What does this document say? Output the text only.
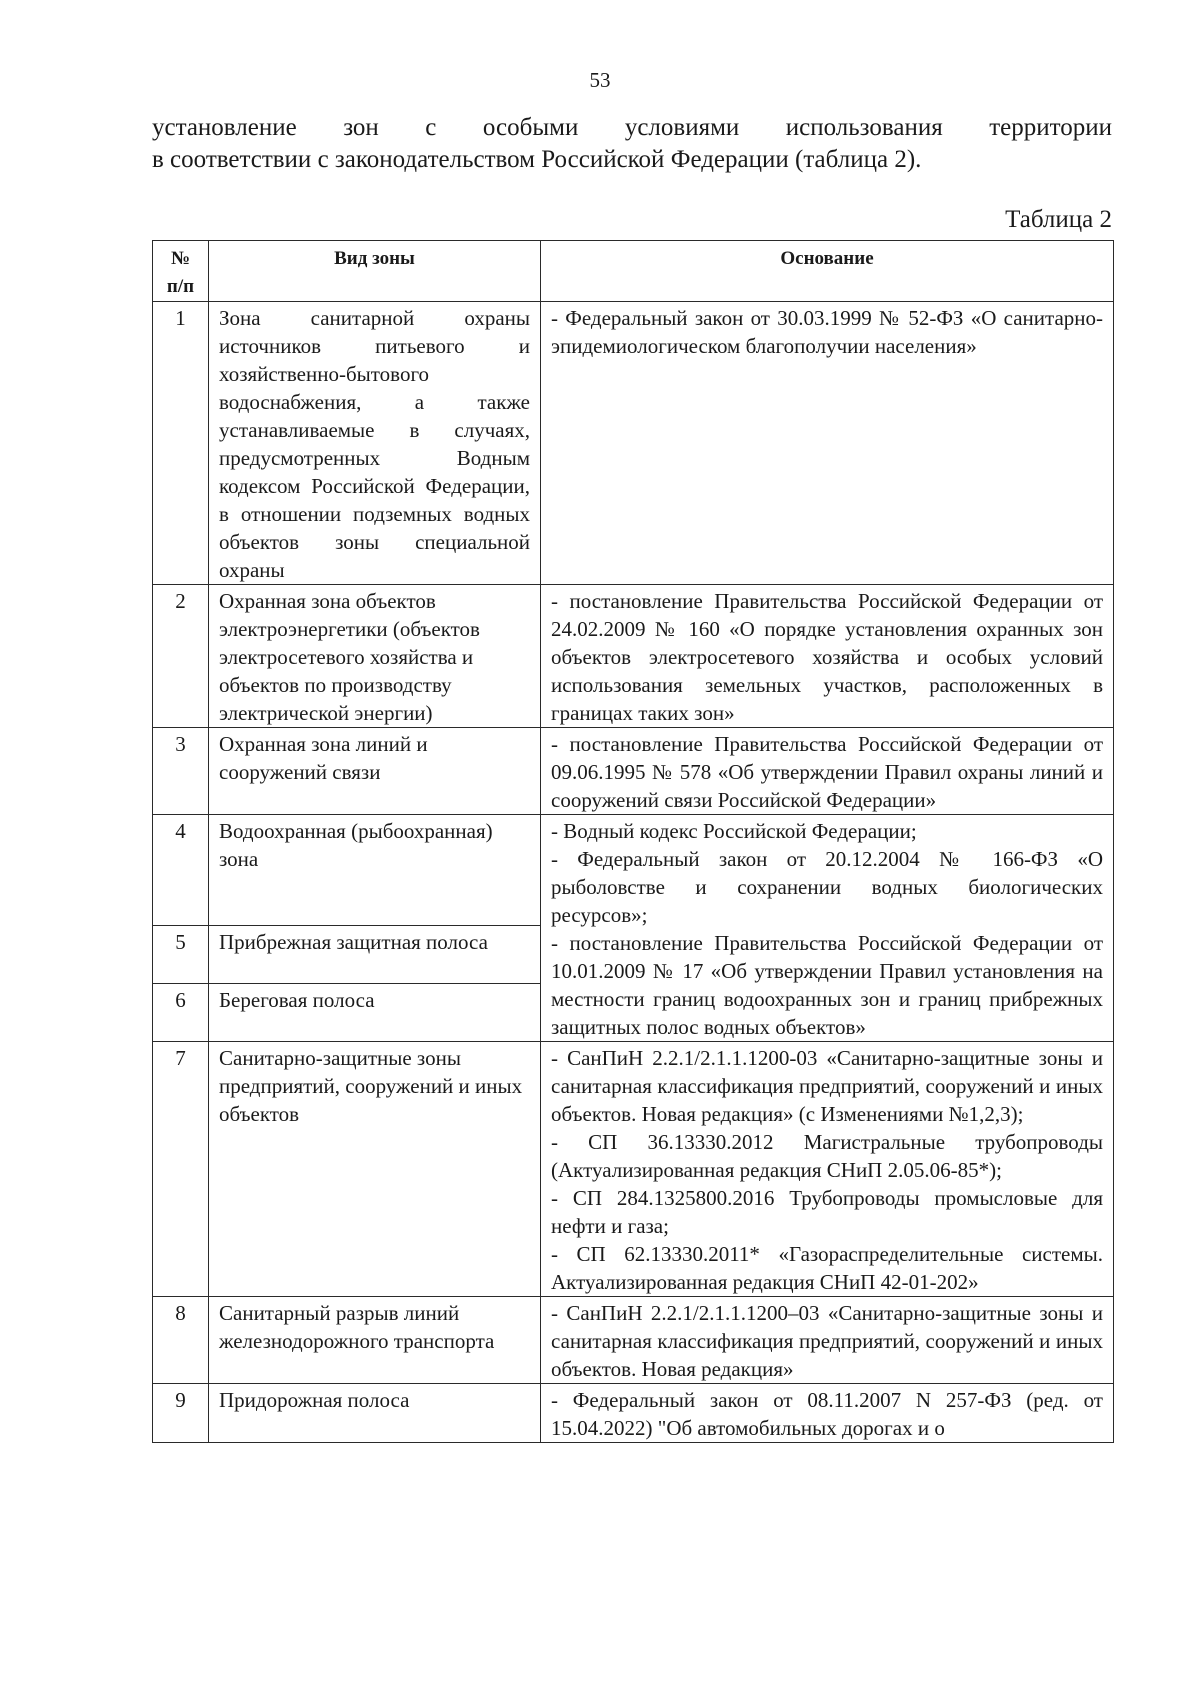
53

установление зон с особыми условиями использования территории

в соответствии с законодательством Российской Федерации (таблица 2).

Таблица 2
№ п/п	Вид зоны	Основание
1	Зона санитарной охраны источников питьевого и хозяйственно-бытового водоснабжения, а также устанавливаемые в случаях, предусмотренных Водным кодексом Российской Федерации, в отношении подземных водных объектов зоны специальной охраны	- Федеральный закон от 30.03.1999 № 52-ФЗ «О санитарно-эпидемиологическом благополучии населения»

2	Охранная зона объектов электроэнергетики (объектов электросетевого хозяйства и объектов по производству электрической энергии)	- постановление Правительства Российской Федерации от 24.02.2009 № 160 «О порядке установления охранных зон объектов электросетевого хозяйства и особых условий использования земельных участков, расположенных в границах таких зон»

3	Охранная зона линий и сооружений связи	- постановление Правительства Российской Федерации от 09.06.1995 № 578 «Об утверждении Правил охраны линий и сооружений связи Российской Федерации»

4	Водоохранная (рыбоохранная) зона	- Водный кодекс Российской Федерации;
- Федеральный закон от 20.12.2004 № 166-ФЗ «О рыболовстве и сохранении водных биологических ресурсов»;
- постановление Правительства Российской Федерации от 10.01.2009 № 17 «Об утверждении Правил установления на местности границ водоохранных зон и границ прибрежных защитных полос водных объектов»

5	Прибрежная защитная полоса	
6	Береговая полоса	
7	Санитарно-защитные зоны предприятий, сооружений и иных объектов	- СанПиН 2.2.1/2.1.1.1200-03 «Санитарно-защитные зоны и санитарная классификация предприятий, сооружений и иных объектов. Новая редакция» (с Изменениями №1,2,3);
- СП 36.13330.2012 Магистральные трубопроводы (Актуализированная редакция СНиП 2.05.06-85*);
- СП 284.1325800.2016 Трубопроводы промысловые для нефти и газа;
- СП 62.13330.2011* «Газораспределительные системы. Актуализированная редакция СНиП 42-01-202»

8	Санитарный разрыв линий железнодорожного транспорта	- СанПиН 2.2.1/2.1.1.1200–03 «Санитарно-защитные зоны и санитарная классификация предприятий, сооружений и иных объектов. Новая редакция»

9	Придорожная полоса	- Федеральный закон от 08.11.2007 N 257-ФЗ (ред. от 15.04.2022) "Об автомобильных дорогах и о
